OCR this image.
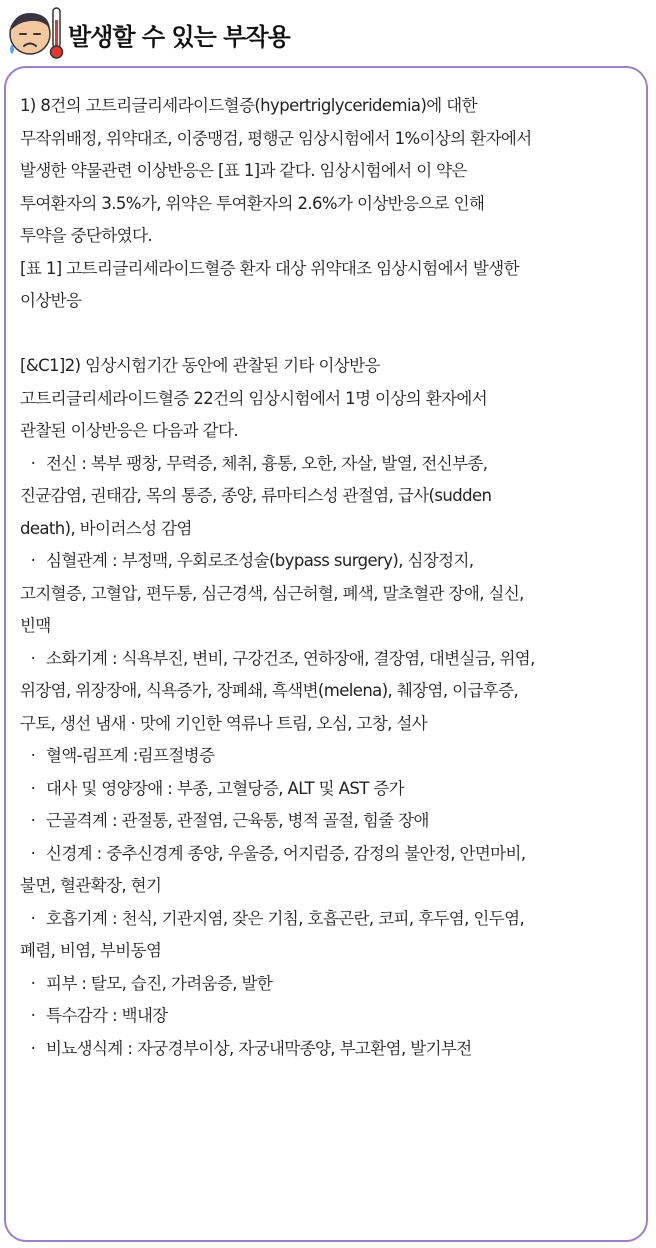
발생할 수 있는 부작용
1) 8건의 고트리글리세라이드혈증(hypertriglyceridemia)에 대한
무작위배정, 위약대조, 이중맹검, 평행군 임상시험에서 1%이상의 환자에서
발생한 약물관련 이상반응은 [표 1]과 같다. 임상시험에서 이 약은
투여환자의 3.5%가, 위약은 투여환자의 2.6%가 이상반응으로 인해
투약을 중단하였다.
[표 1] 고트리글리세라이드혈증 환자 대상 위약대조 임상시험에서 발생한
이상반응
[&C1]2) 임상시험기간 동안에 관찰된 기타 이상반응
고트리글리세라이드혈증 22건의 임상시험에서 1명 이상의 환자에서
관찰된 이상반응은 다음과 같다.
· 전신 : 복부 팽창, 무력증, 체취, 흉통, 오한, 자살, 발열, 전신부종,
진균감염, 권태감, 목의 통증, 종양, 류마티스성 관절염, 급사(sudden
death), 바이러스성 감염
· 심혈관계 : 부정맥, 우회로조성술(bypass surgery), 심장정지,
고지혈증, 고혈압, 편두통, 심근경색, 심근허혈, 폐색, 말초혈관 장애, 실신,
빈맥
· 소화기계 : 식욕부진, 변비, 구강건조, 연하장애, 결장염, 대변실금, 위염,
위장염, 위장장애, 식욕증가, 장폐쇄, 흑색변(melena), 췌장염, 이급후증,
구토, 생선 냄새 · 맛에 기인한 역류나 트림, 오심, 고창, 설사
· 혈액-림프계 :림프절병증
· 대사 및 영양장애 : 부종, 고혈당증, ALT 및 AST 증가
· 근골격계 : 관절통, 관절염, 근육통, 병적 골절, 힘줄 장애
· 신경계 : 중추신경계 종양, 우울증, 어지럼증, 감정의 불안정, 안면마비,
불면, 혈관확장, 현기
· 호흡기계 : 천식, 기관지염, 잦은 기침, 호흡곤란, 코피, 후두염, 인두염,
폐렴, 비염, 부비동염
· 피부 : 탈모, 습진, 가려움증, 발한
· 특수감각 : 백내장
· 비뇨생식계 : 자궁경부이상, 자궁내막종양, 부고환염, 발기부전
